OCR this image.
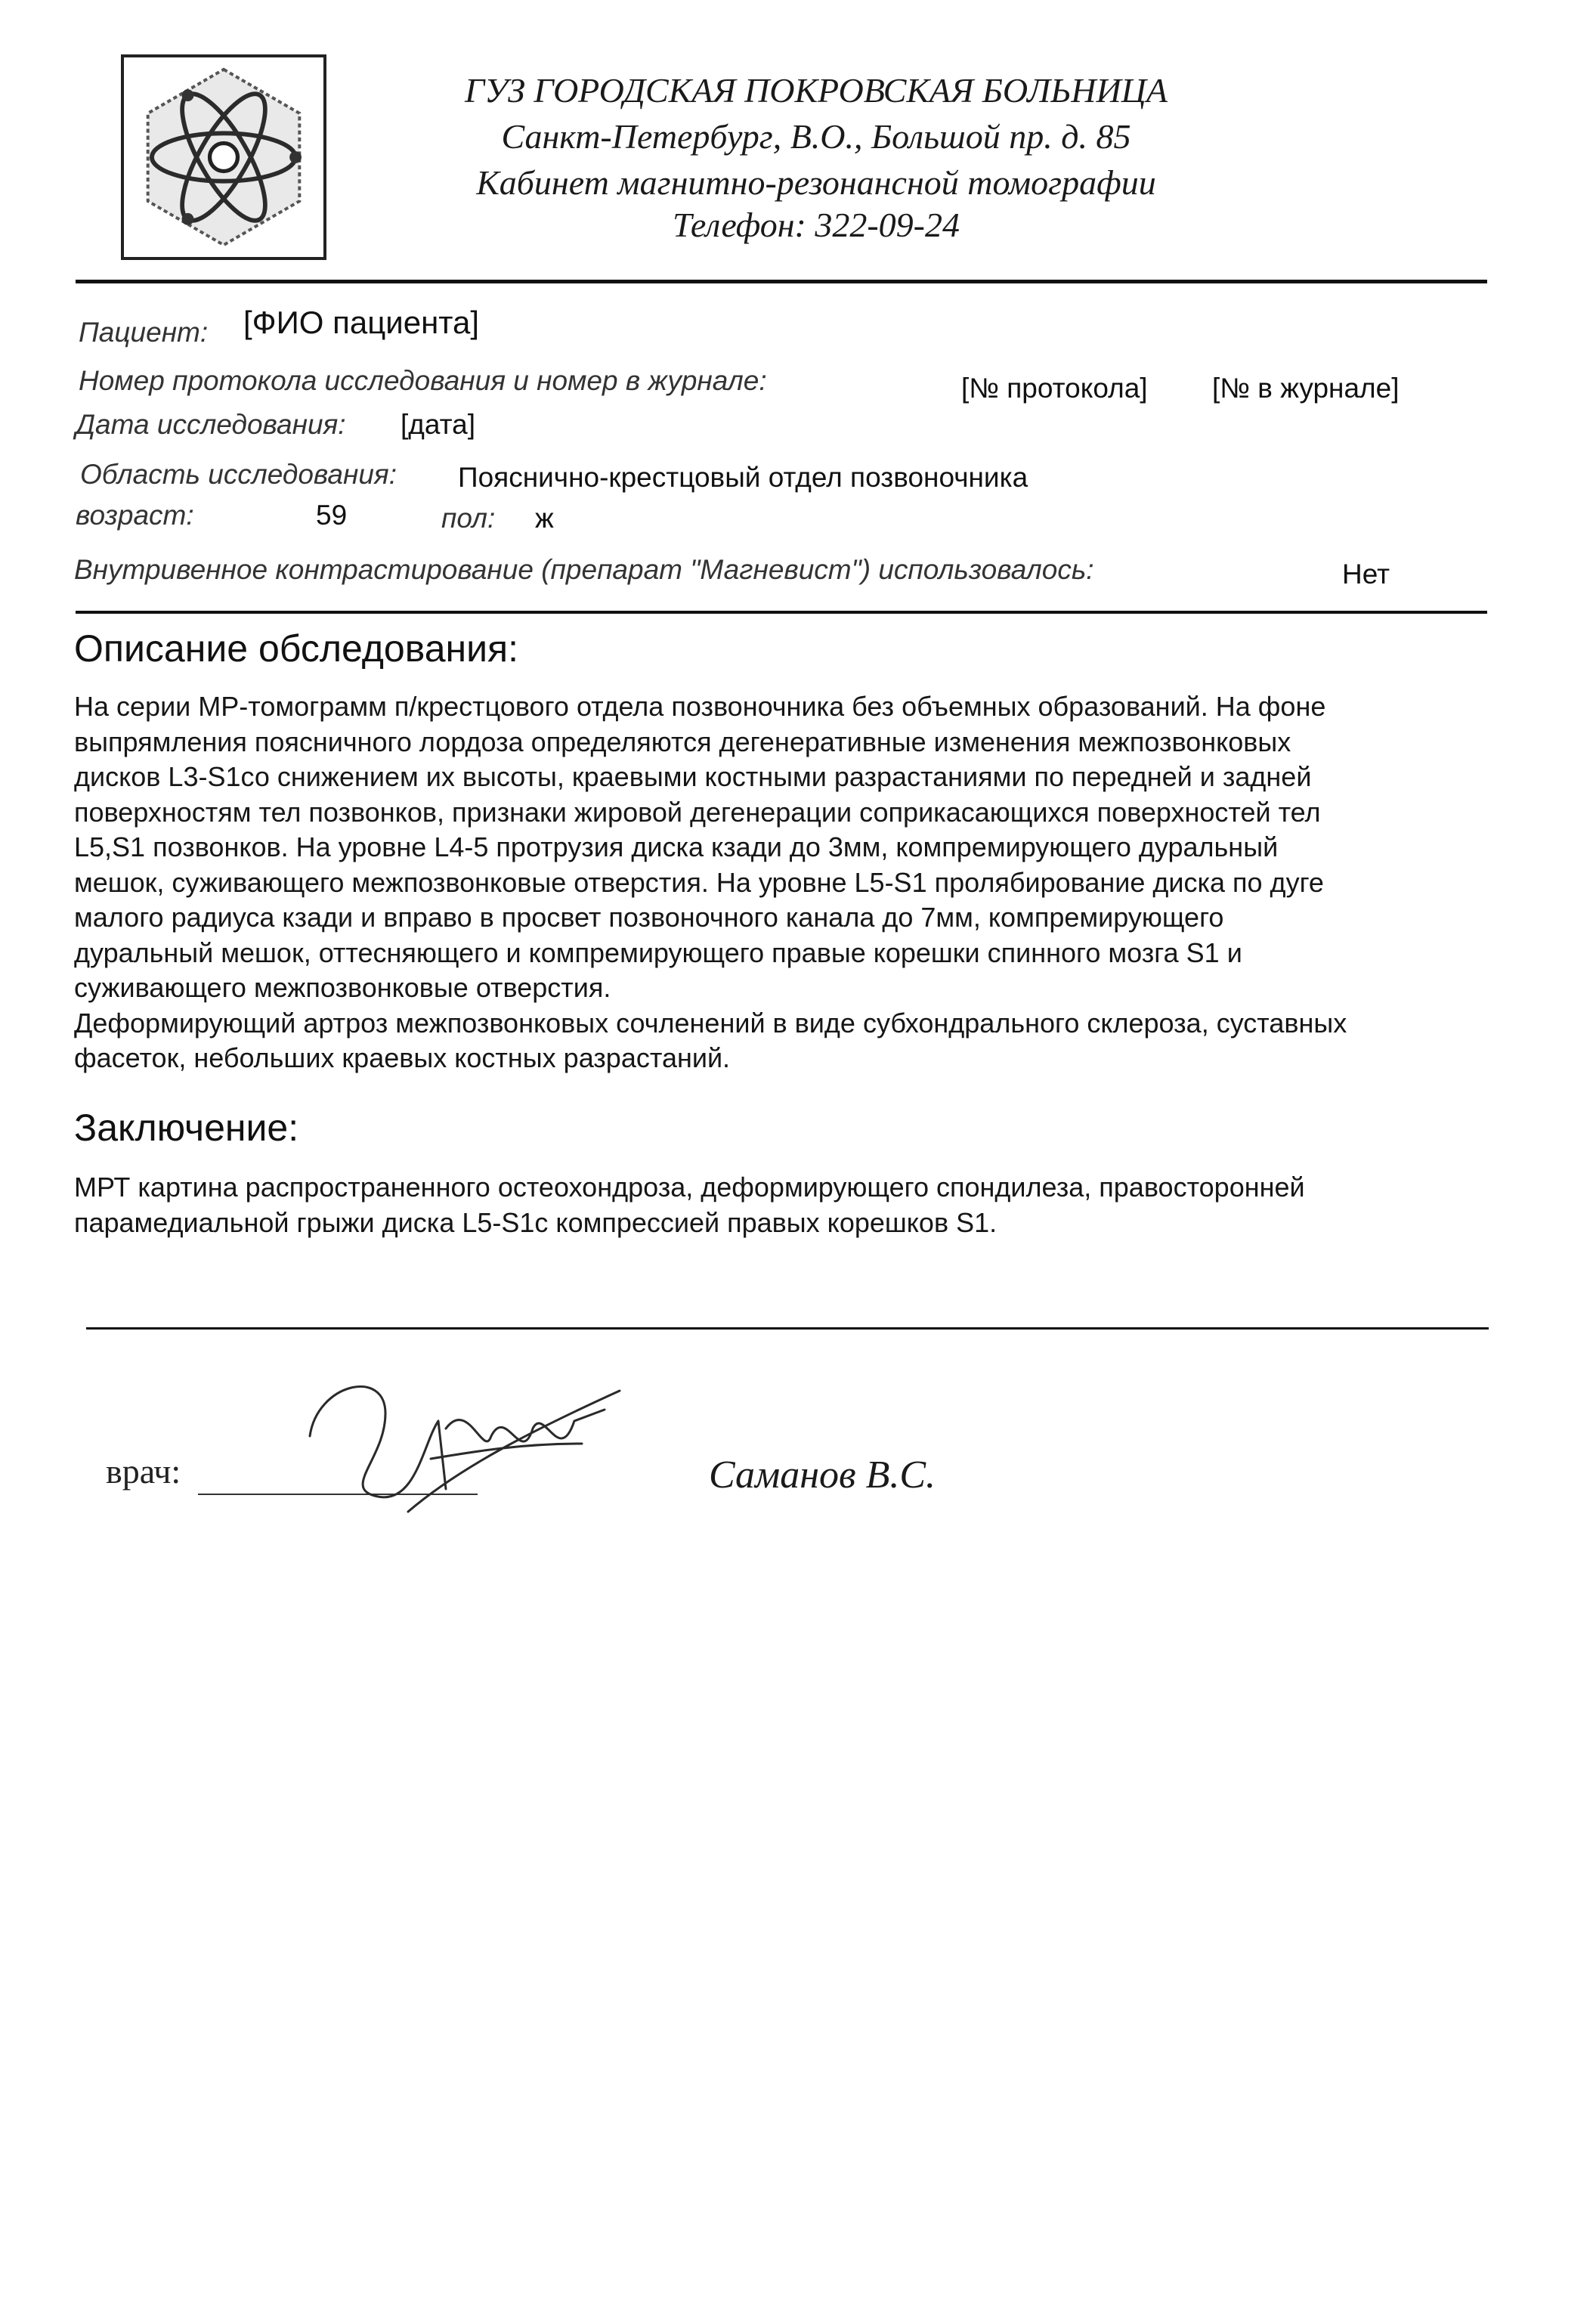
ГУЗ ГОРОДСКАЯ ПОКРОВСКАЯ БОЛЬНИЦА
Санкт-Петербург, В.О., Большой пр. д. 85
Кабинет магнитно-резонансной томографии
Телефон: 322-09-24
Пациент: [ФИО пациента]
Номер протокола исследования и номер в журнале:	[№ протокола] [№ в журнале]
Дата исследования: [дата]
Область исследования: Пояснично-крестцовый отдел позвоночника
возраст:	59	пол: ж
Внутривенное контрастирование (препарат "Магневист") использовалось:	Нет
Описание обследования:
На серии МР-томограмм п/крестцового отдела позвоночника без объемных образований. На фоне
выпрямления поясничного лордоза определяются дегенеративные изменения межпозвонковых
дисков L3-S1со снижением их высоты, краевыми костными разрастаниями по передней и задней
поверхностям тел позвонков, признаки жировой дегенерации соприкасающихся поверхностей тел
L5,S1 позвонков. На уровне L4-5 протрузия диска кзади до 3мм, компремирующего дуральный
мешок, суживающего межпозвонковые отверстия. На уровне L5-S1 пролябирование диска по дуге
малого радиуса кзади и вправо в просвет позвоночного канала до 7мм, компремирующего
дуральный мешок, оттесняющего и компремирующего правые корешки спинного мозга S1 и
суживающего межпозвонковые отверстия.
Деформирующий артроз межпозвонковых сочленений в виде субхондрального склероза, суставных
фасеток, небольших краевых костных разрастаний.
Заключение:
МРТ картина распространенного остеохондроза, деформирующего спондилеза, правосторонней
парамедиальной грыжи диска L5-S1с компрессией правых корешков S1.
врач:	Саманов В.С.
